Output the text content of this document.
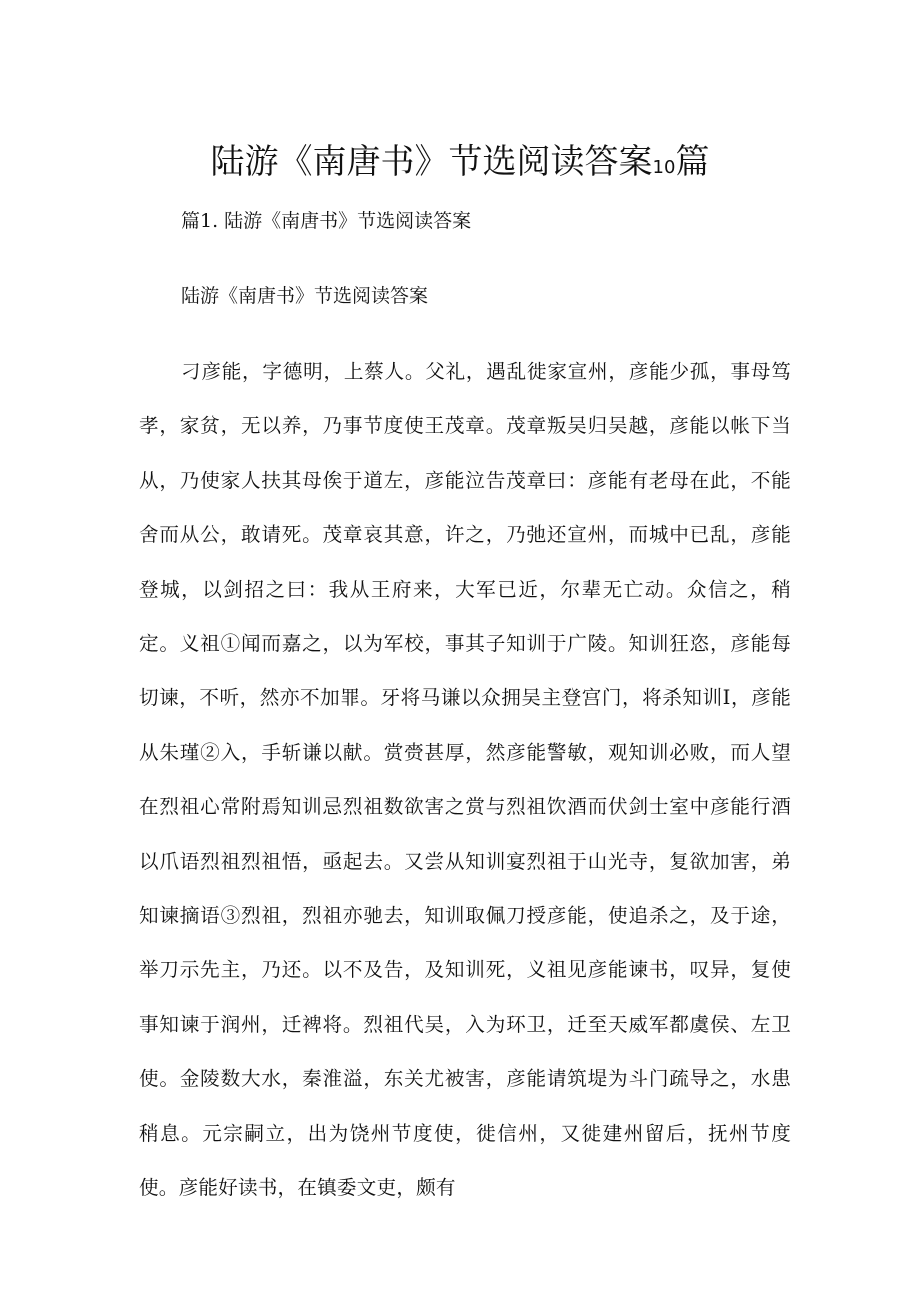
陆游《南唐书》节选阅读答案10篇
篇1. 陆游《南唐书》节选阅读答案

陆游《南唐书》节选阅读答案

刁彦能，字德明，上蔡人。父礼，遇乱徙家宣州，彦能少孤，事母笃孝，家贫，无以养，乃事节度使王茂章。茂章叛吴归吴越，彦能以帐下当从，乃使家人扶其母俟于道左，彦能泣告茂章曰：彦能有老母在此，不能舍而从公，敢请死。茂章哀其意，许之，乃弛还宣州，而城中已乱，彦能登城，以剑招之曰：我从王府来，大军已近，尔辈无亡动。众信之，稍定。义祖①闻而嘉之，以为军校，事其子知训于广陵。知训狂恣，彦能每切谏，不听，然亦不加罪。牙将马谦以众拥吴主登宫门，将杀知训I，彦能从朱瑾②入，手斩谦以献。赏赍甚厚，然彦能警敏，观知训必败，而人望在烈祖心常附焉知训忌烈祖数欲害之赏与烈祖饮酒而伏剑士室中彦能行酒以爪语烈祖烈祖悟，亟起去。又尝从知训宴烈祖于山光寺，复欲加害，弟知谏摘语③烈祖，烈祖亦驰去，知训取佩刀授彦能，使追杀之，及于途，举刀示先主，乃还。以不及告，及知训死，义祖见彦能谏书，叹异，复使事知谏于润州，迁裨将。烈祖代吴，入为环卫，迁至天威军都虞侯、左卫使。金陵数大水，秦淮溢，东关尤被害，彦能请筑堤为斗门疏导之，水患稍息。元宗嗣立，出为饶州节度使，徙信州，又徙建州留后，抚州节度使。彦能好读书，在镇委文吏，颇有
